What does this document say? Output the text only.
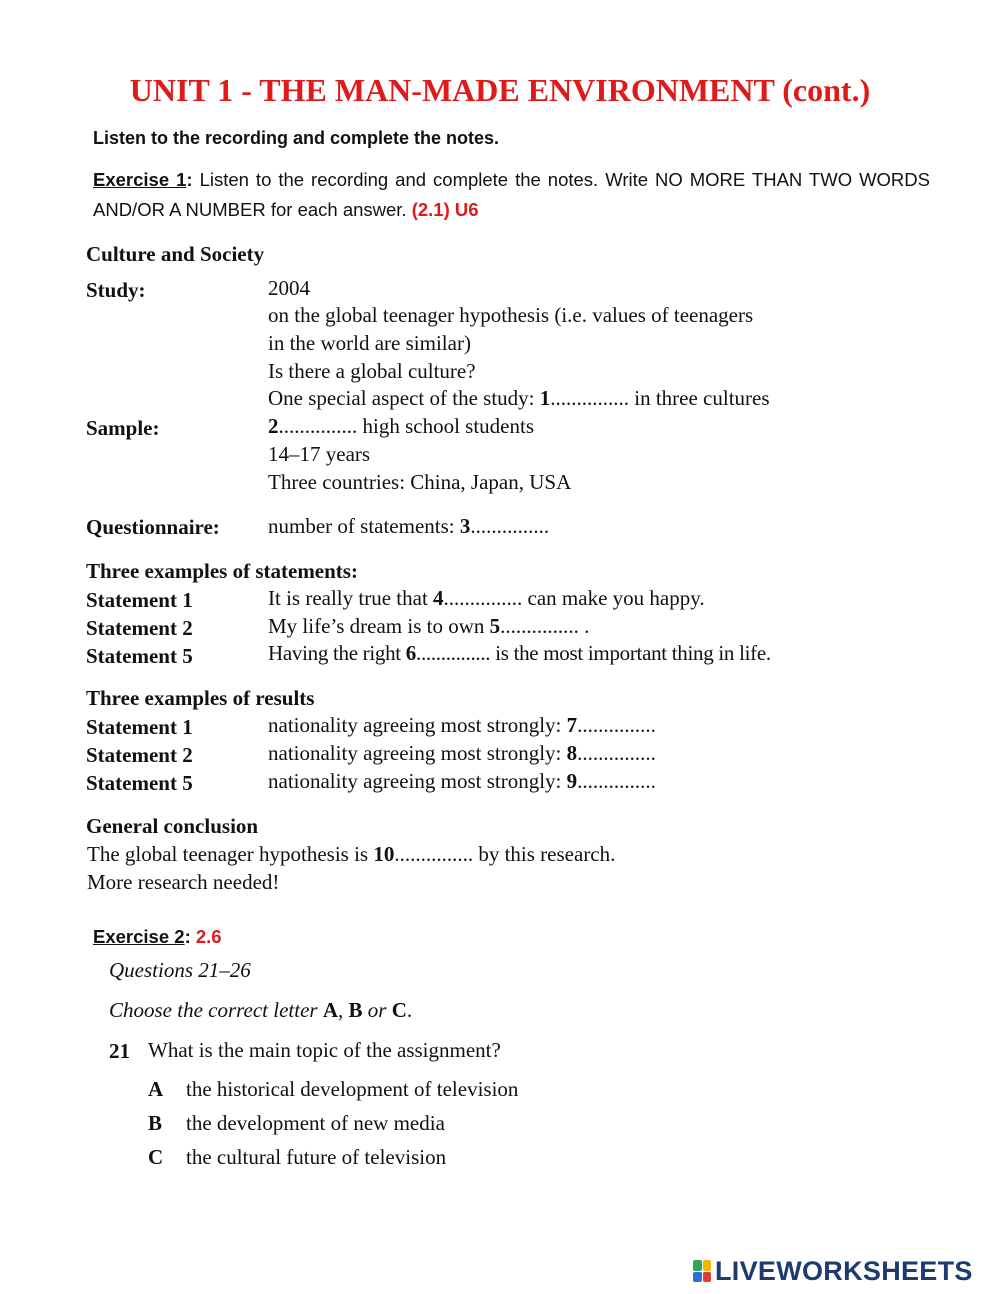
UNIT 1 - THE MAN-MADE ENVIRONMENT (cont.)
Listen to the recording and complete the notes.
Exercise 1: Listen to the recording and complete the notes. Write NO MORE THAN TWO WORDS AND/OR A NUMBER for each answer. (2.1) U6
Culture and Society
Study:	2004
on the global teenager hypothesis (i.e. values of teenagers
in the world are similar)
Is there a global culture?
One special aspect of the study: 1............... in three cultures
Sample:	2............... high school students
14–17 years
Three countries: China, Japan, USA
Questionnaire: number of statements: 3...............
Three examples of statements:
Statement 1	It is really true that 4............... can make you happy.
Statement 2	My life’s dream is to own 5............... .
Statement 5	Having the right 6............... is the most important thing in life.
Three examples of results
Statement 1	nationality agreeing most strongly: 7...............
Statement 2	nationality agreeing most strongly: 8...............
Statement 5	nationality agreeing most strongly: 9...............
General conclusion
The global teenager hypothesis is 10............... by this research.
More research needed!
Exercise 2: 2.6
Questions 21–26
Choose the correct letter A, B or C.
21 What is the main topic of the assignment?
A the historical development of television
B the development of new media
C the cultural future of television
LIVEWORKSHEETS
